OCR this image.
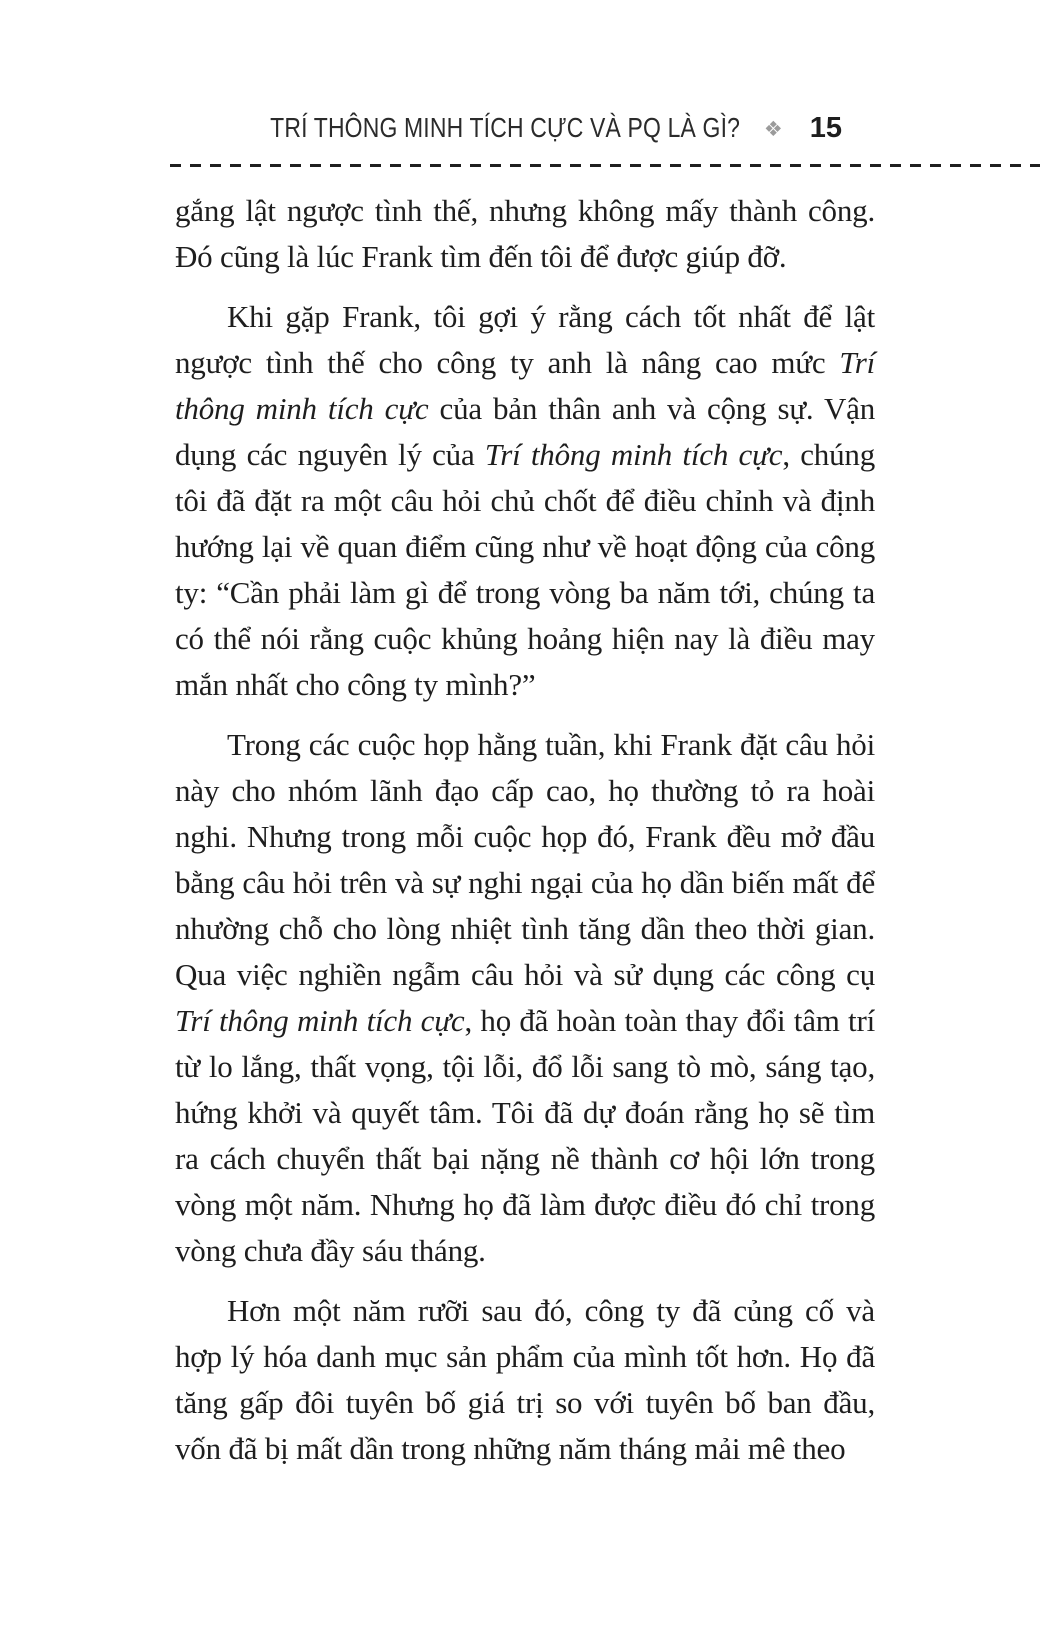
TRÍ THÔNG MINH TÍCH CỰC VÀ PQ LÀ GÌ? ❖ 15

gắng lật ngược tình thế, nhưng không mấy thành công. Đó cũng là lúc Frank tìm đến tôi để được giúp đỡ.

Khi gặp Frank, tôi gợi ý rằng cách tốt nhất để lật ngược tình thế cho công ty anh là nâng cao mức Trí thông minh tích cực của bản thân anh và cộng sự. Vận dụng các nguyên lý của Trí thông minh tích cực, chúng tôi đã đặt ra một câu hỏi chủ chốt để điều chỉnh và định hướng lại về quan điểm cũng như về hoạt động của công ty: “Cần phải làm gì để trong vòng ba năm tới, chúng ta có thể nói rằng cuộc khủng hoảng hiện nay là điều may mắn nhất cho công ty mình?”

Trong các cuộc họp hằng tuần, khi Frank đặt câu hỏi này cho nhóm lãnh đạo cấp cao, họ thường tỏ ra hoài nghi. Nhưng trong mỗi cuộc họp đó, Frank đều mở đầu bằng câu hỏi trên và sự nghi ngại của họ dần biến mất để nhường chỗ cho lòng nhiệt tình tăng dần theo thời gian. Qua việc nghiền ngẫm câu hỏi và sử dụng các công cụ Trí thông minh tích cực, họ đã hoàn toàn thay đổi tâm trí từ lo lắng, thất vọng, tội lỗi, đổ lỗi sang tò mò, sáng tạo, hứng khởi và quyết tâm. Tôi đã dự đoán rằng họ sẽ tìm ra cách chuyển thất bại nặng nề thành cơ hội lớn trong vòng một năm. Nhưng họ đã làm được điều đó chỉ trong vòng chưa đầy sáu tháng.

Hơn một năm rưỡi sau đó, công ty đã củng cố và hợp lý hóa danh mục sản phẩm của mình tốt hơn. Họ đã tăng gấp đôi tuyên bố giá trị so với tuyên bố ban đầu, vốn đã bị mất dần trong những năm tháng mải mê theo
